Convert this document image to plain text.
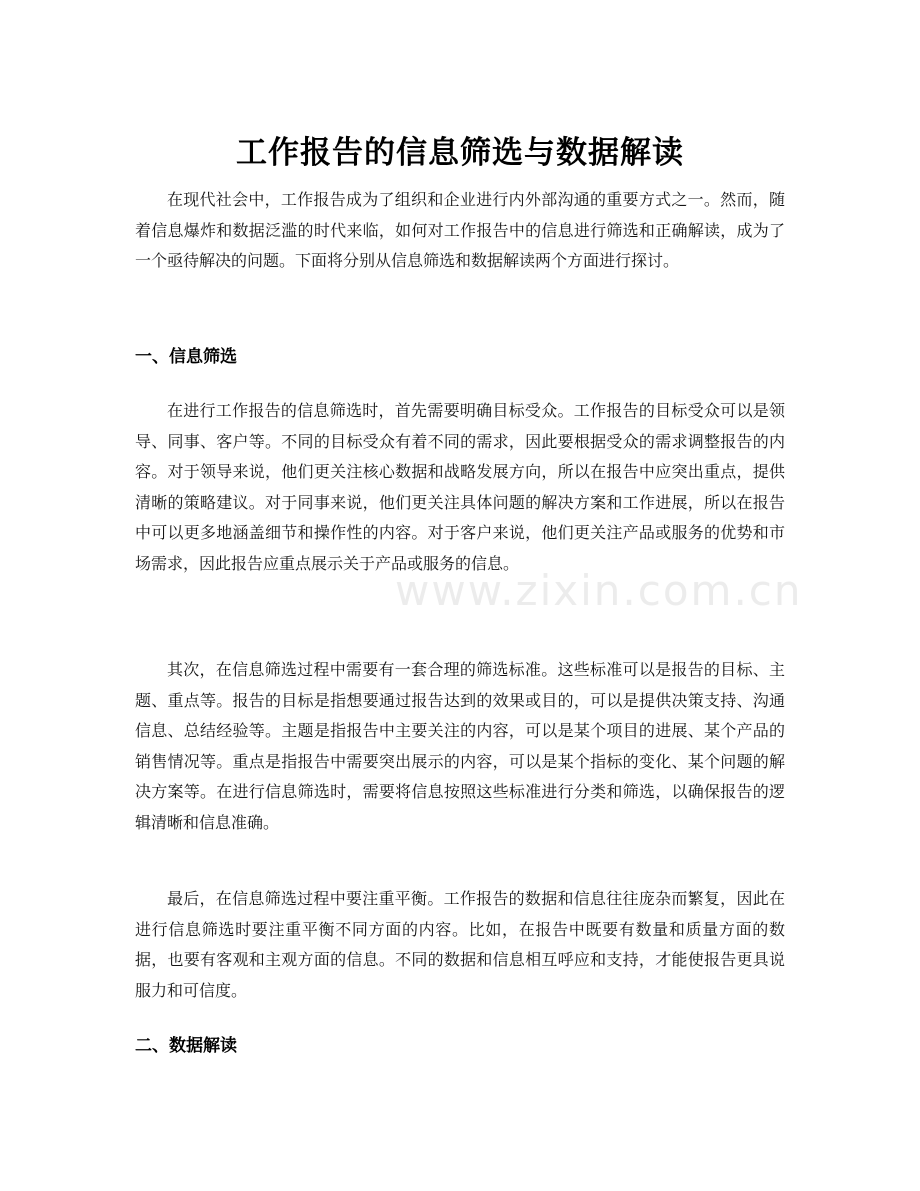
工作报告的信息筛选与数据解读

在现代社会中，工作报告成为了组织和企业进行内外部沟通的重要方式之一。然而，随着信息爆炸和数据泛滥的时代来临，如何对工作报告中的信息进行筛选和正确解读，成为了一个亟待解决的问题。下面将分别从信息筛选和数据解读两个方面进行探讨。

一、信息筛选

在进行工作报告的信息筛选时，首先需要明确目标受众。工作报告的目标受众可以是领导、同事、客户等。不同的目标受众有着不同的需求，因此要根据受众的需求调整报告的内容。对于领导来说，他们更关注核心数据和战略发展方向，所以在报告中应突出重点，提供清晰的策略建议。对于同事来说，他们更关注具体问题的解决方案和工作进展，所以在报告中可以更多地涵盖细节和操作性的内容。对于客户来说，他们更关注产品或服务的优势和市场需求，因此报告应重点展示关于产品或服务的信息。

其次，在信息筛选过程中需要有一套合理的筛选标准。这些标准可以是报告的目标、主题、重点等。报告的目标是指想要通过报告达到的效果或目的，可以是提供决策支持、沟通信息、总结经验等。主题是指报告中主要关注的内容，可以是某个项目的进展、某个产品的销售情况等。重点是指报告中需要突出展示的内容，可以是某个指标的变化、某个问题的解决方案等。在进行信息筛选时，需要将信息按照这些标准进行分类和筛选，以确保报告的逻辑清晰和信息准确。

最后，在信息筛选过程中要注重平衡。工作报告的数据和信息往往庞杂而繁复，因此在进行信息筛选时要注重平衡不同方面的内容。比如，在报告中既要有数量和质量方面的数据，也要有客观和主观方面的信息。不同的数据和信息相互呼应和支持，才能使报告更具说服力和可信度。

二、数据解读
www.zixin.com.cn
